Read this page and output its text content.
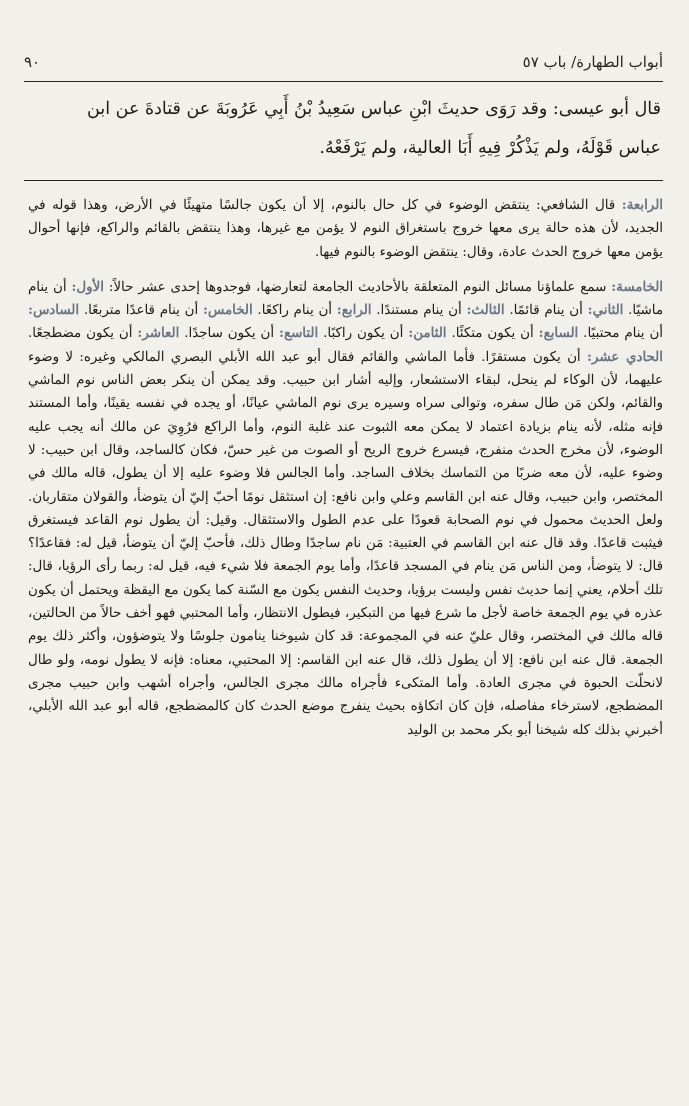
أبواب الطهارة/ باب ٥٧
٩٠

قال أبو عيسى: وقد رَوَى حديثَ ابْنِ عباس سَعِيدُ بْنُ أَبِي عَرُوبَةَ عن قتادةَ عن ابن

عباس قَوْلَهُ، ولم يَذْكُرْ فِيهِ أَبَا العالية، ولم يَرْفَعْهُ.

الرابعة: قال الشافعي: ينتقض الوضوء في كل حال بالنوم، إلا أن يكون جالسًا متهيئًا في الأرض، وهذا قوله في الجديد، لأن هذه حالة يرى معها خروج باستغراق النوم لا يؤمن مع غيرها، وهذا ينتقض بالقائم والراكع، فإنها أحوال يؤمن معها خروج الحدث عادة، وقال: ينتقض الوضوء بالنوم فيها.

الخامسة: سمع علماؤنا مسائل النوم المتعلقة بالأحاديث الجامعة لتعارضها، فوجدوها إحدى عشر حالاً: الأول: أن ينام ماشيًا. الثاني: أن ينام قائمًا. الثالث: أن ينام مستندًا. الرابع: أن ينام راكعًا. الخامس: أن ينام قاعدًا متربعًا. السادس: أن ينام محتبيًا. السابع: أن يكون متكئًا. الثامن: أن يكون راكبًا. التاسع: أن يكون ساجدًا. العاشر: أن يكون مضطجعًا. الحادي عشر: أن يكون مستقرًا. فأما الماشي والقائم فقال أبو عبد الله الأبلي البصري المالكي وغيره: لا وضوء عليهما، لأن الوكاء لم ينحل، لبقاء الاستشعار، وإليه أشار ابن حبيب. وقد يمكن أن ينكر بعض الناس نوم الماشي والقائم، ولكن مَن طال سفره، وتوالى سراه وسيره يرى نوم الماشي عيانًا، أو يجده في نفسه يقينًا، وأما المستند فإنه مثله، لأنه ينام بزيادة اعتماد لا يمكن معه الثبوت عند غلبة النوم، وأما الراكع فرُوِيَ عن مالك أنه يجب عليه الوضوء، لأن مخرج الحدث منفرج، فيسرع خروج الريح أو الصوت من غير حسّ، فكان كالساجد، وقال ابن حبيب: لا وضوء عليه، لأن معه ضربًا من التماسك بخلاف الساجد. وأما الجالس فلا وضوء عليه إلا أن يطول، قاله مالك في المختصر، وابن حبيب، وقال عنه ابن القاسم وعلي وابن نافع: إن استثقل نومًا أحبّ إليّ أن يتوضأ، والقولان متقاربان. ولعل الحديث محمول في نوم الصحابة قعودًا على عدم الطول والاستثقال. وقيل: أن يطول نوم القاعد فيستغرق فيثبت قاعدًا. وقد قال عنه ابن القاسم في العتبية: مَن نام ساجدًا وطال ذلك، فأحبّ إليّ أن يتوضأ، قيل له: فقاعدًا؟ قال: لا يتوضأ، ومن الناس مَن ينام في المسجد قاعدًا، وأما يوم الجمعة فلا شيء فيه، قيل له: ربما رأى الرؤيا، قال: تلك أحلام، يعني إنما حديث نفس وليست برؤيا، وحديث النفس يكون مع السّنة كما يكون مع اليقظة ويحتمل أن يكون عذره في يوم الجمعة خاصة لأجل ما شرع فيها من التبكير، فيطول الانتظار، وأما المحتبي فهو أخف حالاً من الحالتين، قاله مالك في المختصر، وقال عليّ عنه في المجموعة: قد كان شيوخنا ينامون جلوسًا ولا يتوضؤون، وأكثر ذلك يوم الجمعة. قال عنه ابن نافع: إلا أن يطول ذلك، قال عنه ابن القاسم: إلا المحتبي، معناه: فإنه لا يطول نومه، ولو طال لانحلّت الحبوة في مجرى العادة. وأما المتكىء فأجراه مالك مجرى الجالس، وأجراه أشهب وابن حبيب مجرى المضطجع، لاسترخاء مفاصله، فإن كان اتكاؤه بحيث ينفرج موضع الحدث كان كالمضطجع، قاله أبو عبد الله الأبلي، أخبرني بذلك كله شيخنا أبو بكر محمد بن الوليد
